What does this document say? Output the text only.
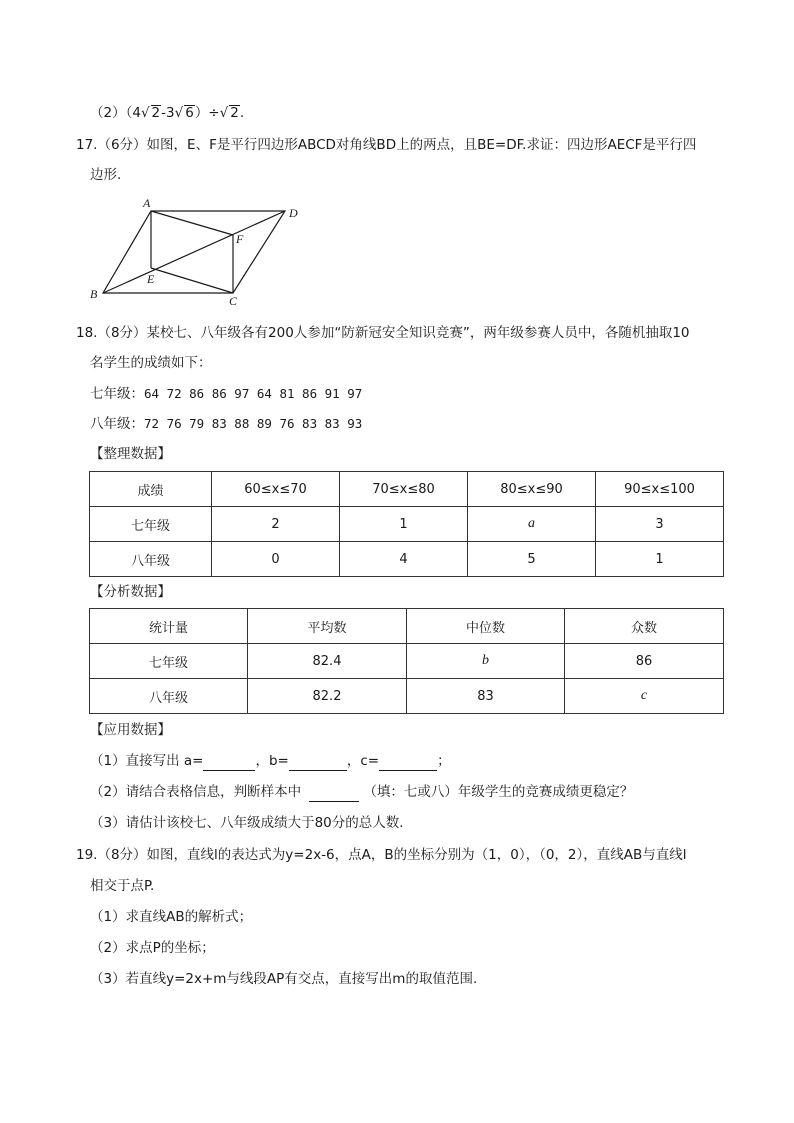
（2）（4√ 2-3√ 6）÷√ 2.
17.（6分）如图，E、F是平行四边形ABCD对角线BD上的两点，且BE=DF.求证：四边形AECF是平行四
边形.
A
D
F
E
B	C
18.（8分）某校七、八年级各有200人参加“防新冠安全知识竞赛”，两年级参赛人员中，各随机抽取10
名学生的成绩如下：
七年级：64 72 86 86 97 64 81 86 91 97
八年级：72 76 79 83 88 89 76 83 83 93
【整理数据】
成绩	60≤x≤70	70≤x≤80	80≤x≤90	90≤x≤100
七年级	2	1	a	3
八年级	0	4	5	1
【分析数据】
统计量	平均数	中位数	众数
七年级	82.4	b	86
八年级	82.2	83	c
【应用数据】
（1）直接写出 a=	，b=	，c=	；
（2）请结合表格信息，判断样本中	（填：七或八）年级学生的竞赛成绩更稳定？
（3）请估计该校七、八年级成绩大于80分的总人数.
19.（8分）如图，直线l的表达式为y=2x-6，点A，B的坐标分别为（1，0），（0，2），直线AB与直线l
相交于点P.
（1）求直线AB的解析式；
（2）求点P的坐标；
（3）若直线y=2x+m与线段AP有交点，直接写出m的取值范围.
